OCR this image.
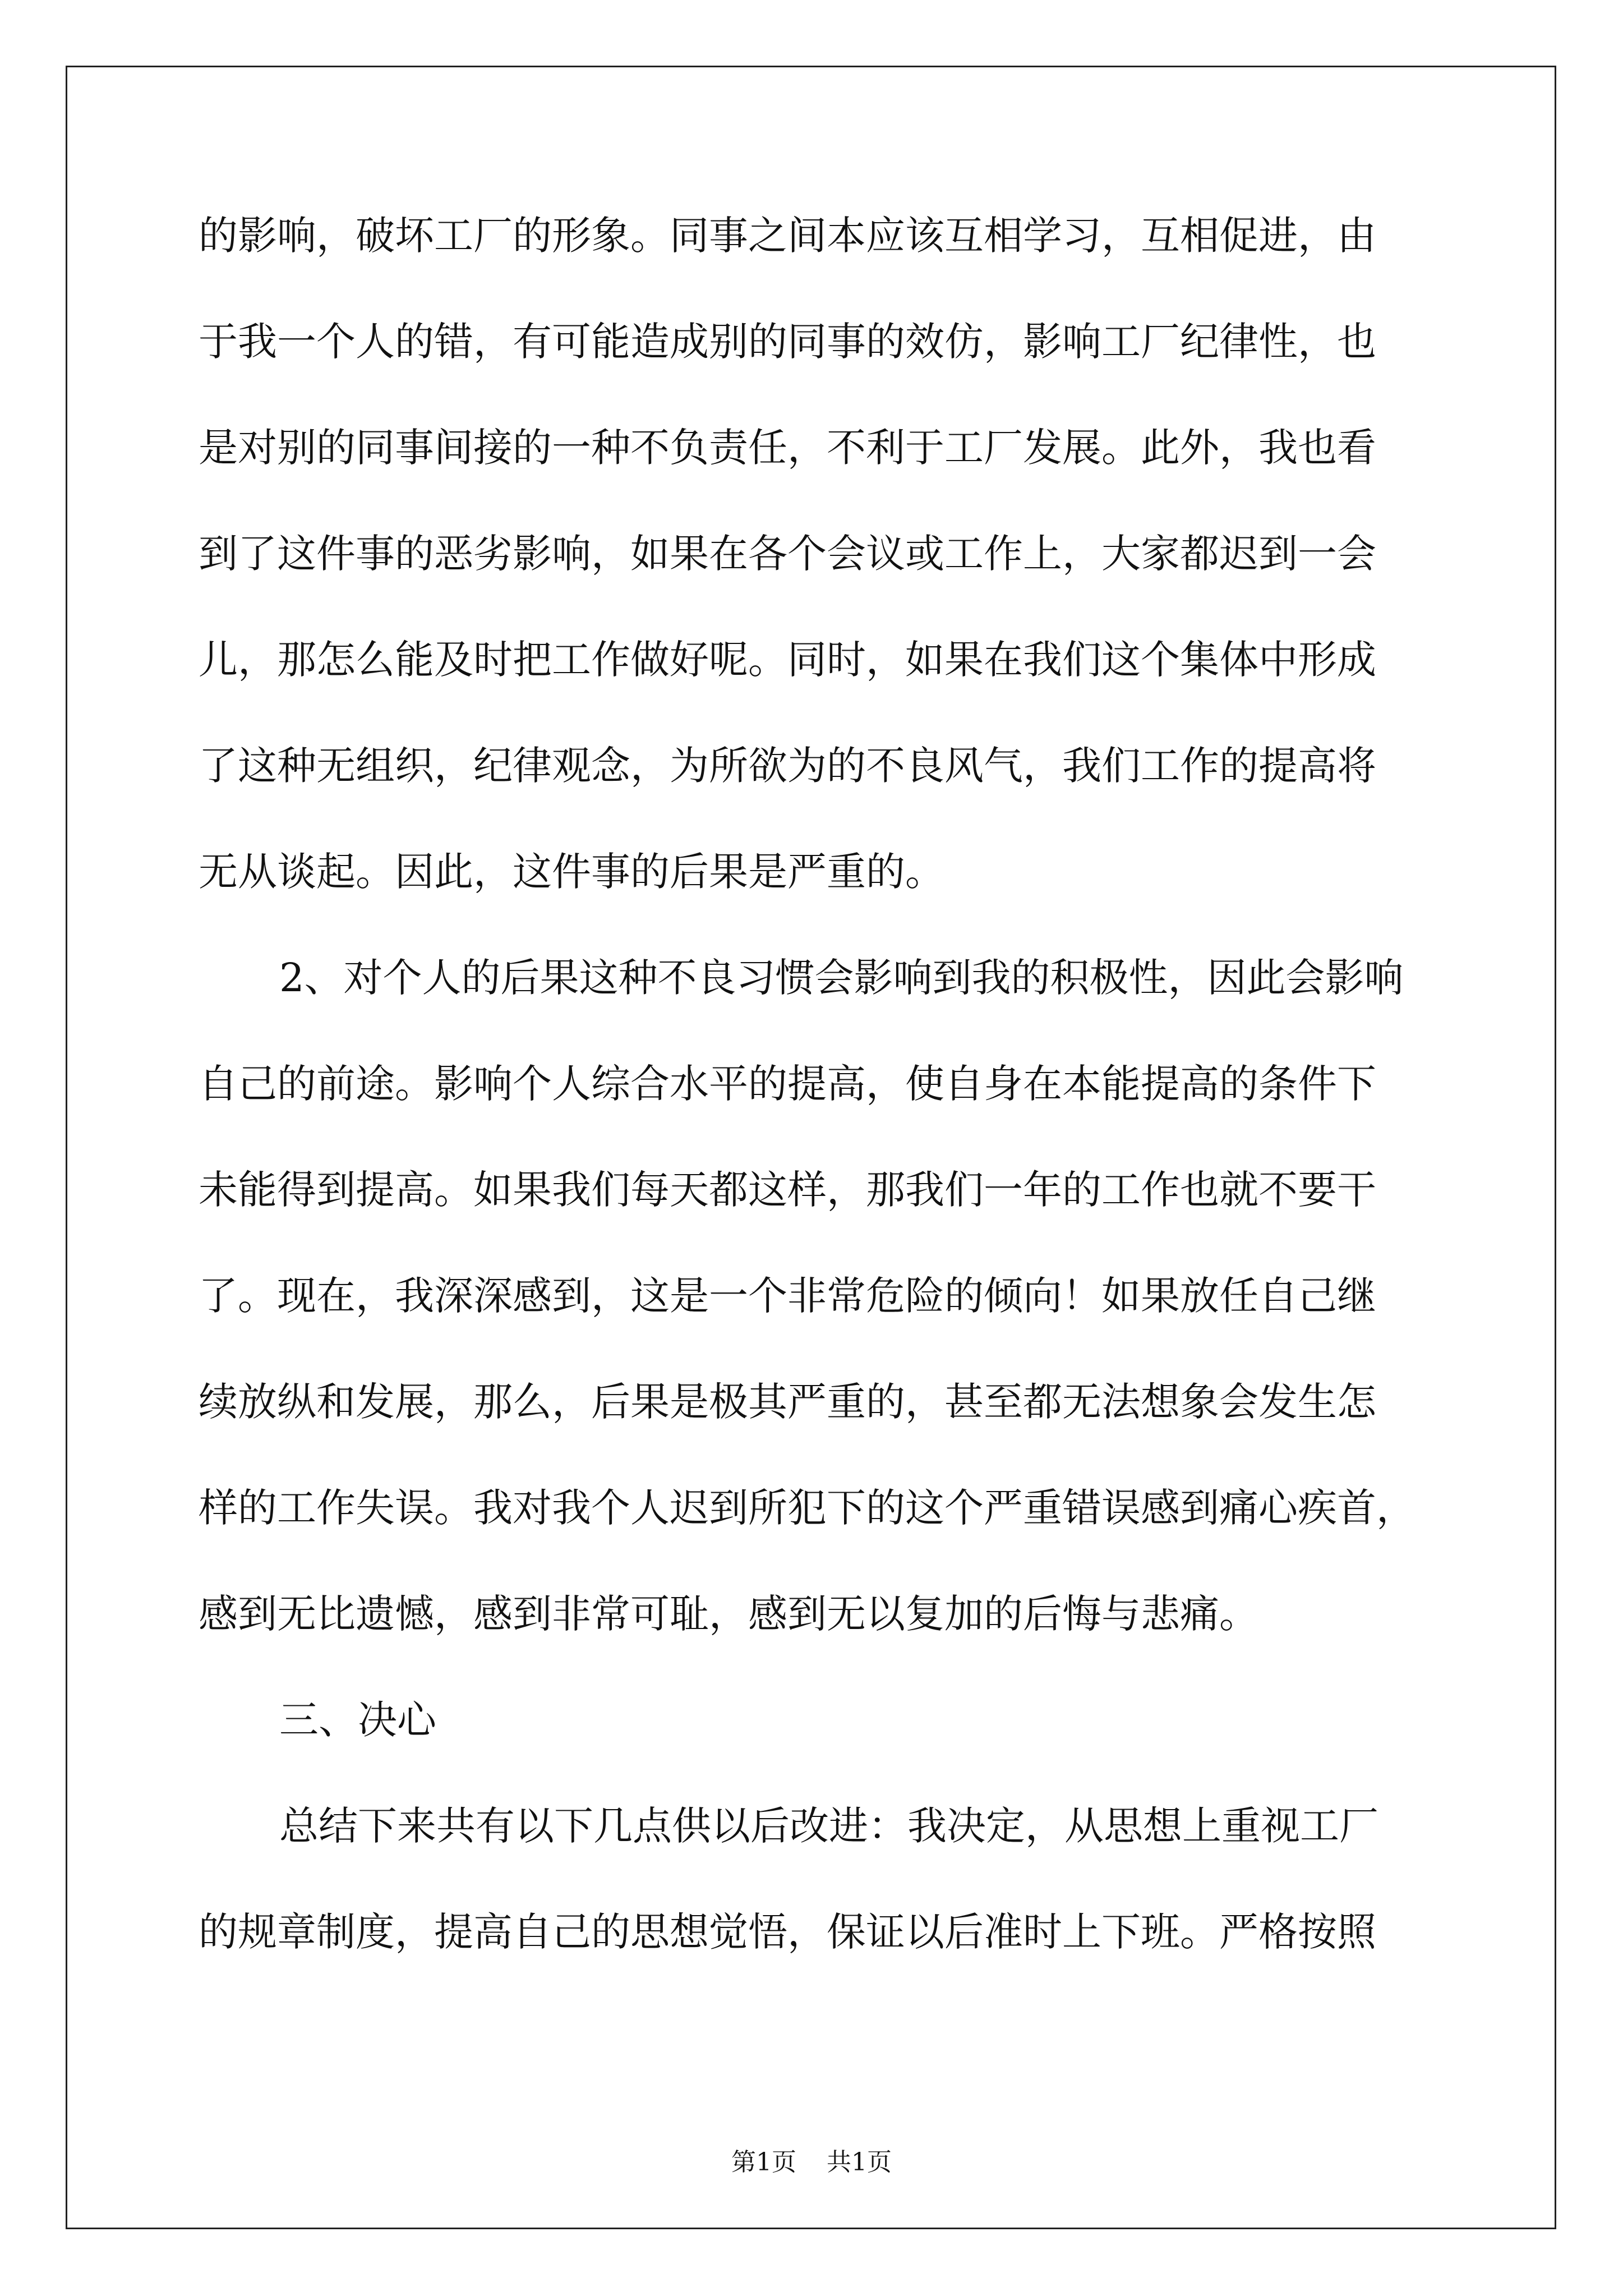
的影响，破坏工厂的形象。同事之间本应该互相学习，互相促进，由
于我一个人的错，有可能造成别的同事的效仿，影响工厂纪律性，也
是对别的同事间接的一种不负责任，不利于工厂发展。此外，我也看
到了这件事的恶劣影响，如果在各个会议或工作上，大家都迟到一会
儿，那怎么能及时把工作做好呢。同时，如果在我们这个集体中形成
了这种无组织，纪律观念，为所欲为的不良风气，我们工作的提高将
无从谈起。因此，这件事的后果是严重的。
2、对个人的后果这种不良习惯会影响到我的积极性，因此会影响
自己的前途。影响个人综合水平的提高，使自身在本能提高的条件下
未能得到提高。如果我们每天都这样，那我们一年的工作也就不要干
了。现在，我深深感到，这是一个非常危险的倾向！如果放任自己继
续放纵和发展，那么，后果是极其严重的，甚至都无法想象会发生怎
样的工作失误。我对我个人迟到所犯下的这个严重错误感到痛心疾首，
感到无比遗憾，感到非常可耻，感到无以复加的后悔与悲痛。
三、决心
总结下来共有以下几点供以后改进：我决定，从思想上重视工厂
的规章制度，提高自己的思想觉悟，保证以后准时上下班。严格按照
第1页 共1页
